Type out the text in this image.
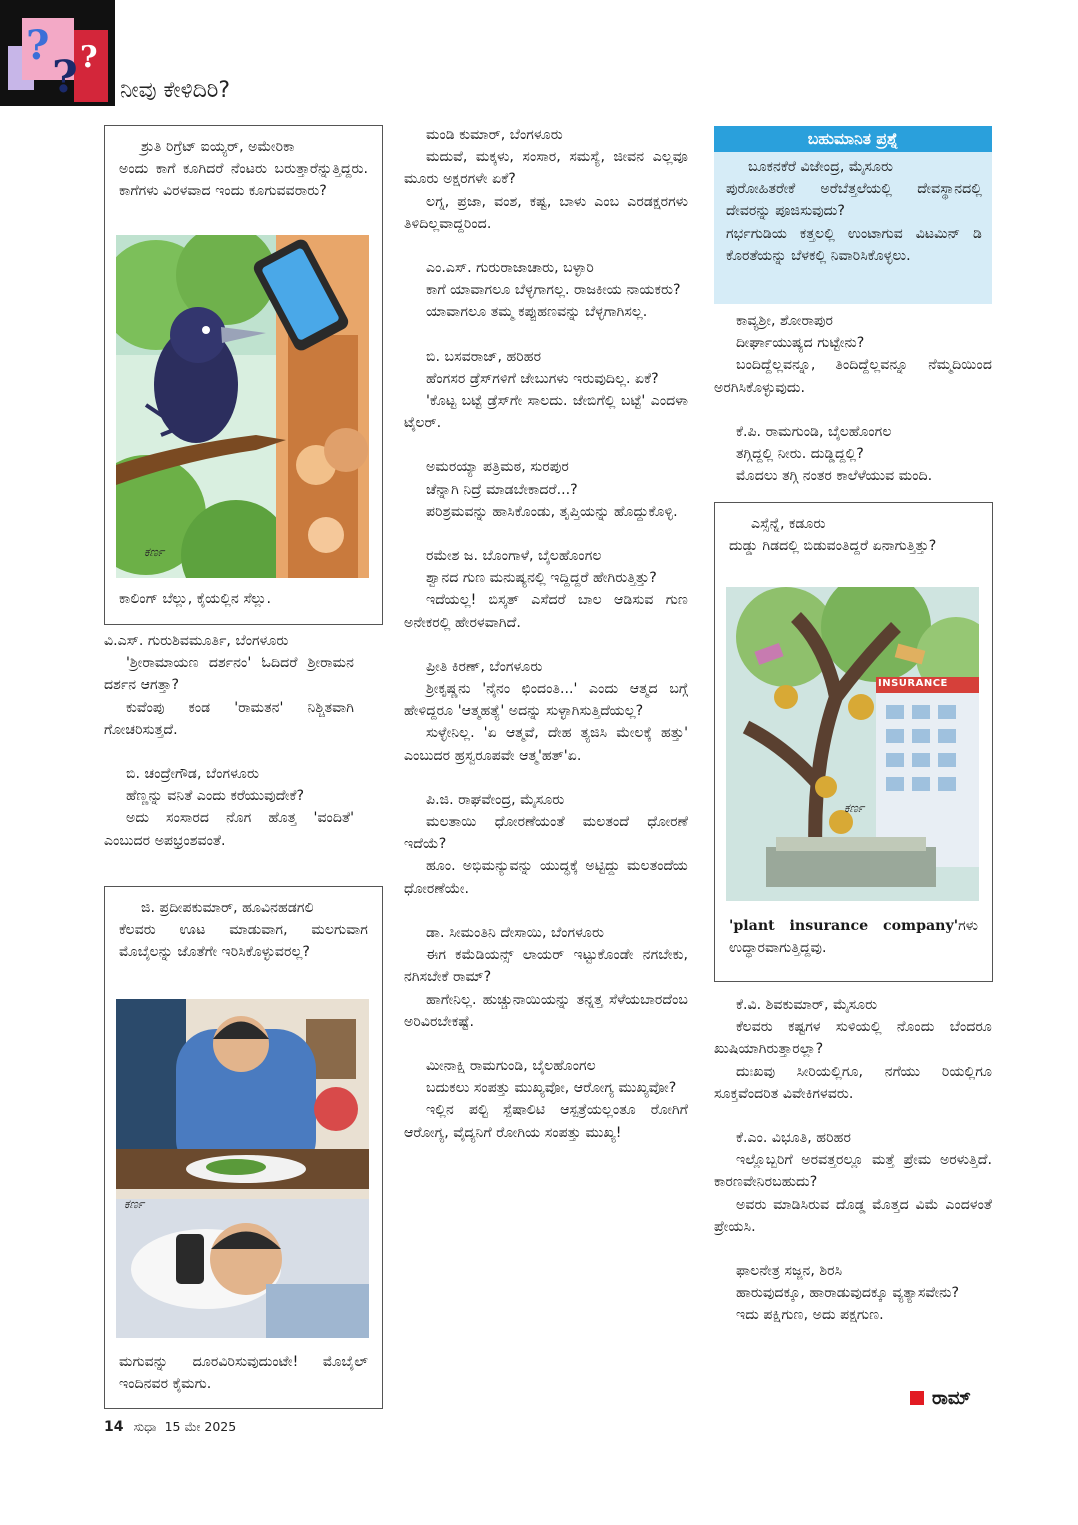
?
? ?
ನೀವು ಕೇಳಿದಿರಿ?

ಶ್ರುತಿ ರಿಗ್ರೆಟ್ ಐಯ್ಯರ್, ಅಮೇರಿಕಾ

ಅಂದು ಕಾಗೆ ಕೂಗಿದರೆ ನೆಂಟರು ಬರುತ್ತಾರೆನ್ನುತ್ತಿದ್ದರು. ಕಾಗೆಗಳು ವಿರಳವಾದ ಇಂದು ಕೂಗುವವರಾರು?

ಕರ್ಣ

ಕಾಲಿಂಗ್ ಬೆಲ್ಲು, ಕೈಯಲ್ಲಿನ ಸೆಲ್ಲು.

ವಿ.ಎಸ್. ಗುರುಶಿವಮೂರ್ತಿ, ಬೆಂಗಳೂರು

'ಶ್ರೀರಾಮಾಯಣ ದರ್ಶನಂ' ಓದಿದರೆ ಶ್ರೀರಾಮನ ದರ್ಶನ ಆಗತ್ತಾ?

ಕುವೆಂಪು ಕಂಡ 'ರಾಮತನ' ನಿಶ್ಚಿತವಾಗಿ ಗೋಚರಿಸುತ್ತದೆ.

ಬಿ. ಚಂದ್ರೇಗೌಡ, ಬೆಂಗಳೂರು

ಹೆಣ್ಣನ್ನು ವನಿತೆ ಎಂದು ಕರೆಯುವುದೇಕೆ?

ಅದು ಸಂಸಾರದ ನೊಗ ಹೊತ್ತ 'ವಂದಿತೆ' ಎಂಬುದರ ಅಪಭ್ರಂಶವಂತೆ.

ಜಿ. ಪ್ರದೀಪಕುಮಾರ್, ಹೂವಿನಹಡಗಲಿ

ಕೆಲವರು ಊಟ ಮಾಡುವಾಗ, ಮಲಗುವಾಗ ಮೊಬೈಲನ್ನು ಜೊತೆಗೇ ಇರಿಸಿಕೊಳ್ಳುವರಲ್ಲ?

ಕರ್ಣ

ಮಗುವನ್ನು ದೂರವಿರಿಸುವುದುಂಟೇ! ಮೊಬೈಲ್ ಇಂದಿನವರ ಕೈಮಗು.

ಮಂಡಿ ಕುಮಾರ್, ಬೆಂಗಳೂರು

ಮದುವೆ, ಮಕ್ಕಳು, ಸಂಸಾರ, ಸಮಸ್ಯೆ, ಜೀವನ ಎಲ್ಲವೂ ಮೂರು ಅಕ್ಷರಗಳೇ ಏಕೆ?

ಲಗ್ನ, ಪ್ರಜಾ, ವಂಶ, ಕಷ್ಟ, ಬಾಳು ಎಂಬ ಎರಡಕ್ಷರಗಳು ತಿಳಿದಿಲ್ಲವಾದ್ದರಿಂದ.

ಎಂ.ಎಸ್. ಗುರುರಾಜಾಚಾರು, ಬಳ್ಳಾರಿ

ಕಾಗೆ ಯಾವಾಗಲೂ ಬೆಳ್ಳಗಾಗಲ್ಲ. ರಾಜಕೀಯ ನಾಯಕರು?

ಯಾವಾಗಲೂ ತಮ್ಮ ಕಪ್ಪುಹಣವನ್ನು ಬೆಳ್ಳಗಾಗಿಸಲ್ಲ.

ಬಿ. ಬಸವರಾಜ್, ಹರಿಹರ

ಹೆಂಗಸರ ಡ್ರೆಸ್‌ಗಳಿಗೆ ಜೇಬುಗಳು ಇರುವುದಿಲ್ಲ. ಏಕೆ?

'ಕೊಟ್ಟ ಬಟ್ಟೆ ಡ್ರೆಸ್‌ಗೇ ಸಾಲದು. ಜೇಬಿಗೆಲ್ಲಿ ಬಟ್ಟೆ' ಎಂದಳಾ ಟೈಲರ್.

ಅಮರಯ್ಯಾ ಪತ್ರಿಮಠ, ಸುರಪುರ

ಚೆನ್ನಾಗಿ ನಿದ್ರೆ ಮಾಡಬೇಕಾದರೆ...?

ಪರಿಶ್ರಮವನ್ನು ಹಾಸಿಕೊಂಡು, ತೃಪ್ತಿಯನ್ನು ಹೊದ್ದುಕೊಳ್ಳಿ.

ರಮೇಶ ಜ. ಬೊಂಗಾಳೆ, ಬೈಲಹೊಂಗಲ

ಶ್ವಾನದ ಗುಣ ಮನುಷ್ಯನಲ್ಲಿ ಇದ್ದಿದ್ದರೆ ಹೇಗಿರುತ್ತಿತ್ತು?

ಇದೆಯಲ್ಲ! ಬಿಸ್ಕತ್ ಎಸೆದರೆ ಬಾಲ ಆಡಿಸುವ ಗುಣ ಅನೇಕರಲ್ಲಿ ಹೇರಳವಾಗಿದೆ.

ಪ್ರೀತಿ ಕಿರಣ್, ಬೆಂಗಳೂರು

ಶ್ರೀಕೃಷ್ಣನು 'ನೈನಂ ಛಿಂದಂತಿ...' ಎಂದು ಆತ್ಮದ ಬಗ್ಗೆ ಹೇಳಿದ್ದರೂ 'ಆತ್ಮಹತ್ಯೆ' ಅದನ್ನು ಸುಳ್ಳಾಗಿಸುತ್ತಿದೆಯಲ್ಲ?

ಸುಳ್ಳೇನಿಲ್ಲ. 'ಏ ಆತ್ಮವೆ, ದೇಹ ತ್ಯಜಿಸಿ ಮೇಲಕ್ಕೆ ಹತ್ತು' ಎಂಬುದರ ಹ್ರಸ್ವರೂಪವೇ ಆತ್ಮ'ಹತ್'ಏ.

ಪಿ.ಜಿ. ರಾಘವೇಂದ್ರ, ಮೈಸೂರು

ಮಲತಾಯಿ ಧೋರಣೆಯಂತೆ ಮಲತಂದೆ ಧೋರಣೆ ಇದೆಯೆ?

ಹೂಂ. ಅಭಿಮನ್ಯುವನ್ನು ಯುದ್ಧಕ್ಕೆ ಅಟ್ಟಿದ್ದು ಮಲತಂದೆಯ ಧೋರಣೆಯೇ.

ಡಾ. ಸೀಮಂತಿನಿ ದೇಸಾಯಿ, ಬೆಂಗಳೂರು

ಈಗ ಕಮೆಡಿಯನ್ಸ್ ಲಾಯರ್ ಇಟ್ಟುಕೊಂಡೇ ನಗಬೇಕು, ನಗಿಸಬೇಕೆ ರಾಮ್?

ಹಾಗೇನಿಲ್ಲ. ಹುಚ್ಚುನಾಯಿಯನ್ನು ತನ್ನತ್ತ ಸೆಳೆಯಬಾರದೆಂಬ ಅರಿವಿರಬೇಕಷ್ಟೆ.

ಮೀನಾಕ್ಷಿ ರಾಮಗುಂಡಿ, ಬೈಲಹೊಂಗಲ

ಬದುಕಲು ಸಂಪತ್ತು ಮುಖ್ಯವೋ, ಆರೋಗ್ಯ ಮುಖ್ಯವೋ?

ಇಲ್ಲಿನ ಪಲ್ಟಿ ಸ್ಪೆಷಾಲಿಟಿ ಆಸ್ಪತ್ರೆಯಲ್ಲಂತೂ ರೋಗಿಗೆ ಆರೋಗ್ಯ, ವೈದ್ಯನಿಗೆ ರೋಗಿಯ ಸಂಪತ್ತು ಮುಖ್ಯ!

ಬಹುಮಾನಿತ ಪ್ರಶ್ನೆ

ಬೂಕನಕೆರೆ ವಿಜೇಂದ್ರ, ಮೈಸೂರು

ಪುರೋಹಿತರೇಕೆ ಅರೆಬೆತ್ತಲೆಯಲ್ಲಿ ದೇವಸ್ಥಾನದಲ್ಲಿ ದೇವರನ್ನು ಪೂಜಿಸುವುದು?

ಗರ್ಭಗುಡಿಯ ಕತ್ತಲಲ್ಲಿ ಉಂಟಾಗುವ ವಿಟಮಿನ್ ಡಿ ಕೊರತೆಯನ್ನು ಬೆಳಕಲ್ಲಿ ನಿವಾರಿಸಿಕೊಳ್ಳಲು.

ಕಾವ್ಯಶ್ರೀ, ಶೋರಾಪುರ

ದೀರ್ಘಾಯುಷ್ಯದ ಗುಟ್ಟೇನು?

ಬಂದಿದ್ದೆಲ್ಲವನ್ನೂ, ತಿಂದಿದ್ದೆಲ್ಲವನ್ನೂ ನೆಮ್ಮದಿಯಿಂದ ಅರಗಿಸಿಕೊಳ್ಳುವುದು.

ಕೆ.ಪಿ. ರಾಮಗುಂಡಿ, ಬೈಲಹೊಂಗಲ

ತಗ್ಗಿದ್ದಲ್ಲಿ ನೀರು. ದುಡ್ಡಿದ್ದಲ್ಲಿ?

ಮೊದಲು ತಗ್ಗಿ ನಂತರ ಕಾಲೆಳೆಯುವ ಮಂದಿ.

ಎಸ್ಸೆನ್ನೆ, ಕಡೂರು

ದುಡ್ಡು ಗಿಡದಲ್ಲಿ ಬಿಡುವಂತಿದ್ದರೆ ಏನಾಗುತ್ತಿತ್ತು?

INSURANCE
ಕರ್ಣ

'plant insurance company'ಗಳು ಉದ್ಧಾರವಾಗುತ್ತಿದ್ದವು.

ಕೆ.ವಿ. ಶಿವಕುಮಾರ್, ಮೈಸೂರು

ಕೆಲವರು ಕಷ್ಟಗಳ ಸುಳಿಯಲ್ಲಿ ನೊಂದು ಬೆಂದರೂ ಖುಷಿಯಾಗಿರುತ್ತಾರಲ್ಲಾ?

ದುಃಖವು ಸೀರಿಯಲ್ಲಿಗೂ, ನಗೆಯು ರಿಯಲ್ಲಿಗೂ ಸೂಕ್ತವೆಂದರಿತ ವಿವೇಕಿಗಳವರು.

ಕೆ.ಎಂ. ವಿಭೂತಿ, ಹರಿಹರ

ಇಲ್ಲೊಬ್ಬರಿಗೆ ಅರವತ್ತರಲ್ಲೂ ಮತ್ತೆ ಪ್ರೇಮ ಅರಳುತ್ತಿದೆ. ಕಾರಣವೇನಿರಬಹುದು?

ಅವರು ಮಾಡಿಸಿರುವ ದೊಡ್ಡ ಮೊತ್ತದ ವಿಮೆ ಎಂದಳಂತೆ ಪ್ರೇಯಸಿ.

ಫಾಲನೇತ್ರ ಸಜ್ಜನ, ಶಿರಸಿ

ಹಾರುವುದಕ್ಕೂ, ಹಾರಾಡುವುದಕ್ಕೂ ವ್ಯತ್ಯಾಸವೇನು?

ಇದು ಪಕ್ಷಿಗುಣ, ಅದು ಪಕ್ಷಗುಣ.

ರಾಮ್
14 ಸುಧಾ 15 ಮೇ 2025
